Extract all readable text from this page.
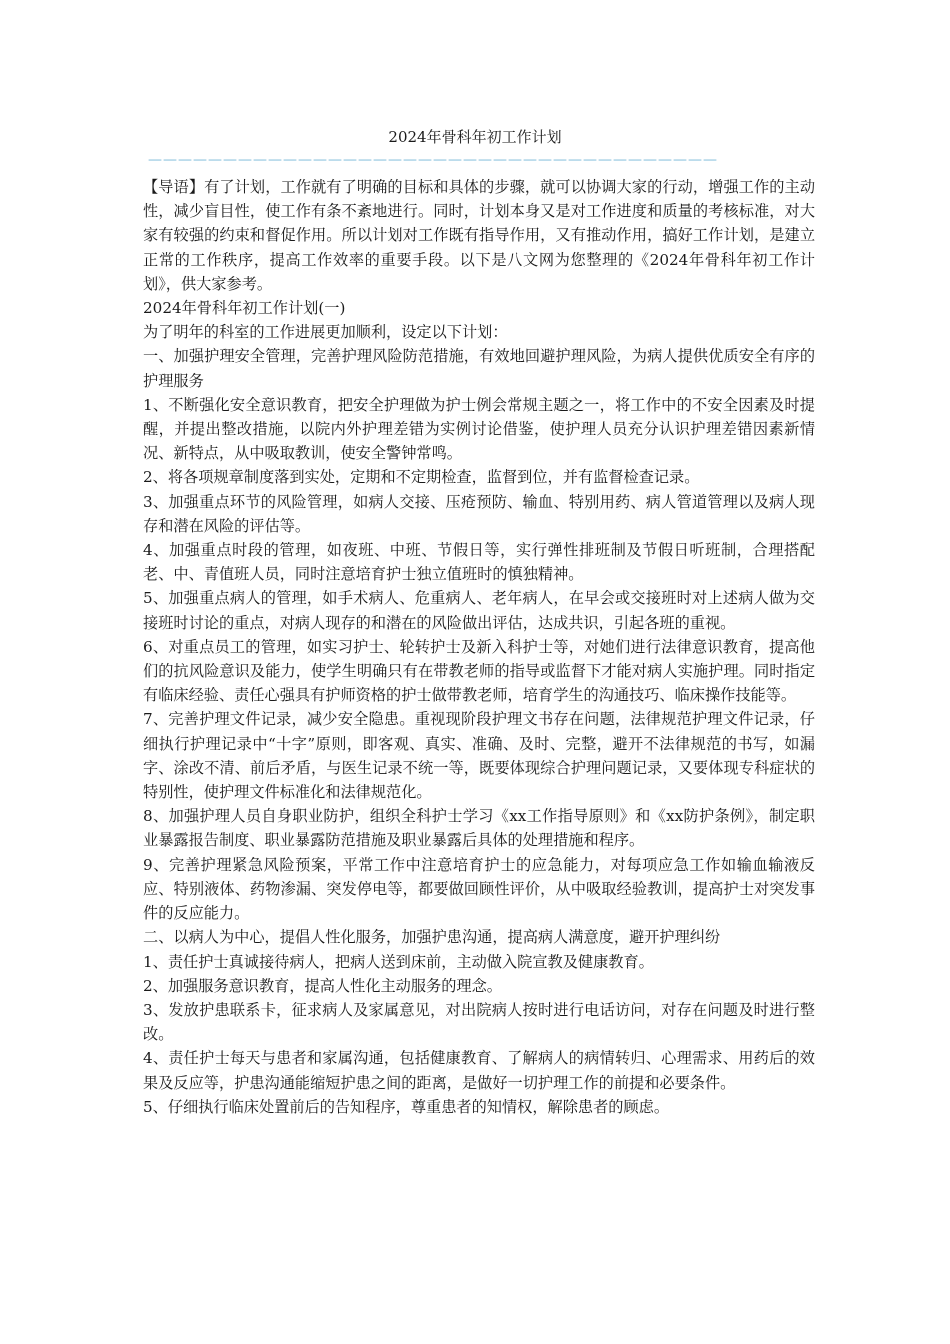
2024年骨科年初工作计划
——————————————————————————————————————

【导语】有了计划，工作就有了明确的目标和具体的步骤，就可以协调大家的行动，增强工作的主动性，减少盲目性，使工作有条不紊地进行。同时，计划本身又是对工作进度和质量的考核标准，对大家有较强的约束和督促作用。所以计划对工作既有指导作用，又有推动作用，搞好工作计划，是建立正常的工作秩序，提高工作效率的重要手段。以下是八文网为您整理的《2024年骨科年初工作计划》，供大家参考。

2024年骨科年初工作计划(一)

为了明年的科室的工作进展更加顺利，设定以下计划：

一、加强护理安全管理，完善护理风险防范措施，有效地回避护理风险，为病人提供优质安全有序的护理服务

1、不断强化安全意识教育，把安全护理做为护士例会常规主题之一，将工作中的不安全因素及时提醒，并提出整改措施，以院内外护理差错为实例讨论借鉴，使护理人员充分认识护理差错因素新情况、新特点，从中吸取教训，使安全警钟常鸣。

2、将各项规章制度落到实处，定期和不定期检查，监督到位，并有监督检查记录。

3、加强重点环节的风险管理，如病人交接、压疮预防、输血、特别用药、病人管道管理以及病人现存和潜在风险的评估等。

4、加强重点时段的管理，如夜班、中班、节假日等，实行弹性排班制及节假日听班制，合理搭配老、中、青值班人员，同时注意培育护士独立值班时的慎独精神。

5、加强重点病人的管理，如手术病人、危重病人、老年病人，在早会或交接班时对上述病人做为交接班时讨论的重点，对病人现存的和潜在的风险做出评估，达成共识，引起各班的重视。

6、对重点员工的管理，如实习护士、轮转护士及新入科护士等，对她们进行法律意识教育，提高他们的抗风险意识及能力，使学生明确只有在带教老师的指导或监督下才能对病人实施护理。同时指定有临床经验、责任心强具有护师资格的护士做带教老师，培育学生的沟通技巧、临床操作技能等。

7、完善护理文件记录，减少安全隐患。重视现阶段护理文书存在问题，法律规范护理文件记录，仔细执行护理记录中“十字”原则，即客观、真实、准确、及时、完整，避开不法律规范的书写，如漏字、涂改不清、前后矛盾，与医生记录不统一等，既要体现综合护理问题记录，又要体现专科症状的特别性，使护理文件标准化和法律规范化。

8、加强护理人员自身职业防护，组织全科护士学习《xx工作指导原则》和《xx防护条例》，制定职业暴露报告制度、职业暴露防范措施及职业暴露后具体的处理措施和程序。

9、完善护理紧急风险预案，平常工作中注意培育护士的应急能力，对每项应急工作如输血输液反应、特别液体、药物渗漏、突发停电等，都要做回顾性评价，从中吸取经验教训，提高护士对突发事件的反应能力。

二、以病人为中心，提倡人性化服务，加强护患沟通，提高病人满意度，避开护理纠纷

1、责任护士真诚接待病人，把病人送到床前，主动做入院宣教及健康教育。

2、加强服务意识教育，提高人性化主动服务的理念。

3、发放护患联系卡，征求病人及家属意见，对出院病人按时进行电话访问，对存在问题及时进行整改。

4、责任护士每天与患者和家属沟通，包括健康教育、了解病人的病情转归、心理需求、用药后的效果及反应等，护患沟通能缩短护患之间的距离，是做好一切护理工作的前提和必要条件。

5、仔细执行临床处置前后的告知程序，尊重患者的知情权，解除患者的顾虑。
